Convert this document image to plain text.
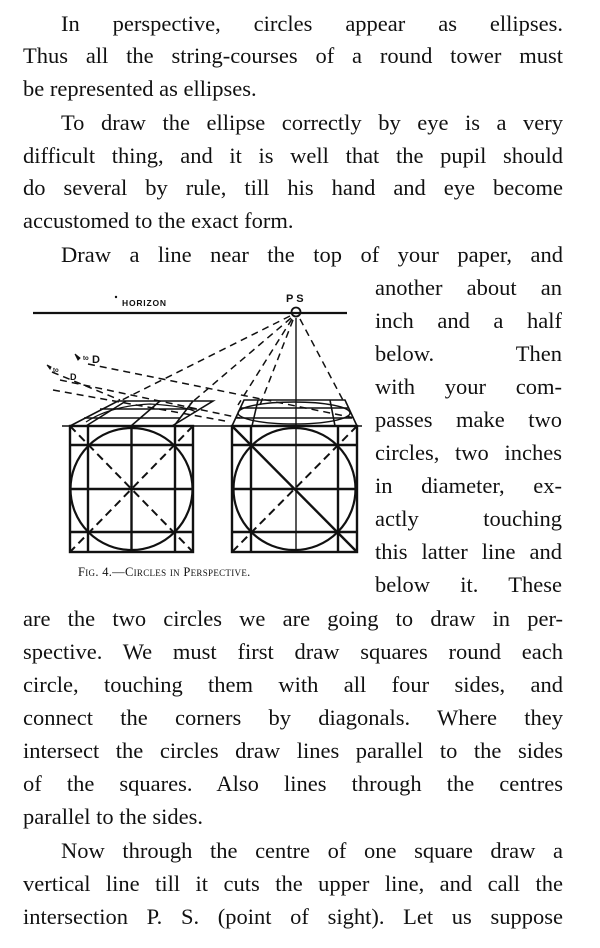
In perspective, circles appear as ellipses.
Thus all the string-courses of a round tower must
be represented as ellipses.
To draw the ellipse correctly by eye is a very
difficult thing, and it is well that the pupil should
do several by rule, till his hand and eye become
accustomed to the exact form.
Draw a line near the top of your paper, and
another about an
inch and a half
below. Then
with your com-
passes make two
circles, two inches
in diameter, ex-
actly touching
this latter line and
below it. These
are the two circles we are going to draw in per-
spective. We must first draw squares round each
circle, touching them with all four sides, and
connect the corners by diagonals. Where they
intersect the circles draw lines parallel to the sides
of the squares. Also lines through the centres
parallel to the sides.
Now through the centre of one square draw a
vertical line till it cuts the upper line, and call the
intersection P. S. (point of sight). Let us suppose
HORIZON	P S
D
D
to
to
Fig. 4.—Circles in Perspective.
